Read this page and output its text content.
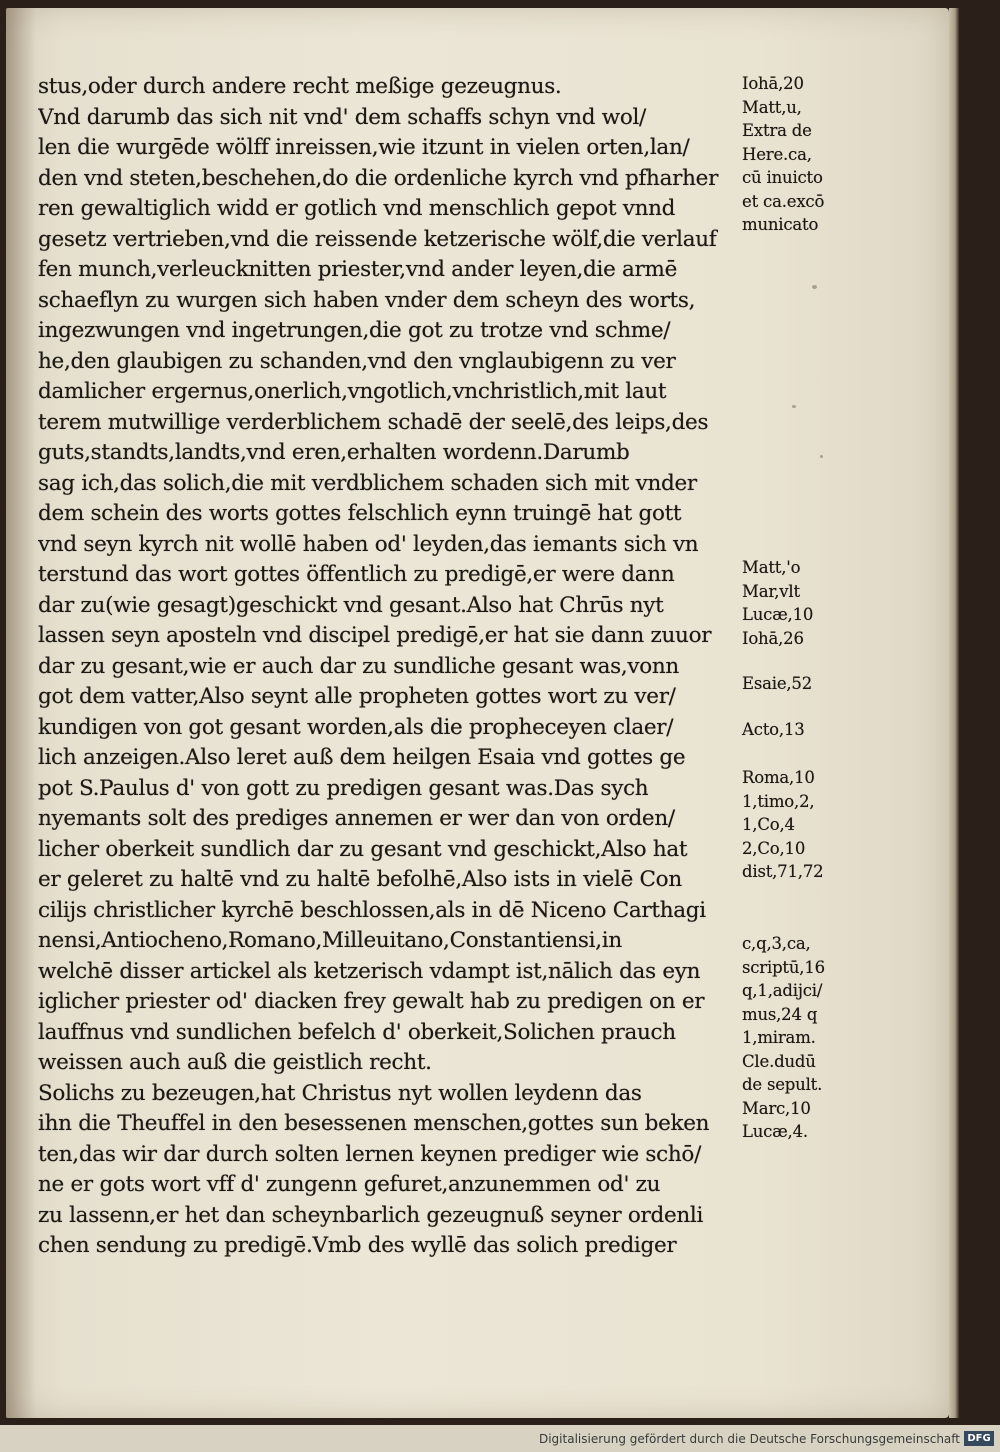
stus,oder durch andere recht meßige gezeugnus.
Vnd darumb das sich nit vnd' dem schaffs schyn vnd wol/
len die wurgēde wölff inreissen,wie itzunt in vielen orten,lan/
den vnd steten,beschehen,do die ordenliche kyrch vnd pfharher
ren gewaltiglich widd er gotlich vnd menschlich gepot vnnd
gesetz vertrieben,vnd die reissende ketzerische wölf,die verlauf
fen munch,verleucknitten priester,vnd ander leyen,die armē
schaeflyn zu wurgen sich haben vnder dem scheyn des worts,
ingezwungen vnd ingetrungen,die got zu trotze vnd schme/
he,den glaubigen zu schanden,vnd den vnglaubigenn zu ver
damlicher ergernus,onerlich,vngotlich,vnchristlich,mit laut
terem mutwillige verderblichem schadē der seelē,des leips,des
guts,standts,landts,vnd eren,erhalten wordenn.Darumb
sag ich,das solich,die mit verdblichem schaden sich mit vnder
dem schein des worts gottes felschlich eynn truingē hat gott
vnd seyn kyrch nit wollē haben od' leyden,das iemants sich vn
terstund das wort gottes öffentlich zu predigē,er were dann
dar zu(wie gesagt)geschickt vnd gesant.Also hat Chrūs nyt
lassen seyn aposteln vnd discipel predigē,er hat sie dann zuuor
dar zu gesant,wie er auch dar zu sundliche gesant was,vonn
got dem vatter,Also seynt alle propheten gottes wort zu ver/
kundigen von got gesant worden,als die propheceyen claer/
lich anzeigen.Also leret auß dem heilgen Esaia vnd gottes ge
pot S.Paulus d' von gott zu predigen gesant was.Das sych
nyemants solt des prediges annemen er wer dan von orden/
licher oberkeit sundlich dar zu gesant vnd geschickt,Also hat
er geleret zu haltē vnd zu haltē befolhē,Also ists in vielē Con
cilijs christlicher kyrchē beschlossen,als in dē Niceno Carthagi
nensi,Antiocheno,Romano,Milleuitano,Constantiensi,in
welchē disser artickel als ketzerisch vdampt ist,nālich das eyn
iglicher priester od' diacken frey gewalt hab zu predigen on er
lauffnus vnd sundlichen befelch d' oberkeit,Solichen prauch
weissen auch auß die geistlich recht.
Solichs zu bezeugen,hat Christus nyt wollen leydenn das
ihn die Theuffel in den besessenen menschen,gottes sun beken
ten,das wir dar durch solten lernen keynen prediger wie schō/
ne er gots wort vff d' zungenn gefuret,anzunemmen od' zu
zu lassenn,er het dan scheynbarlich gezeugnuß seyner ordenli
chen sendung zu predigē.Vmb des wyllē das solich prediger
Iohā,20
Matt,u,
Extra de
Here.ca,
cū inuicto
et ca.excō
municato
Matt,'o
Mar,vlt
Lucæ,10
Iohā,26
Esaie,52
Acto,13
Roma,10
1,timo,2,
1,Co,4
2,Co,10
dist,71,72
c,q,3,ca,
scriptū,16
q,1,adijci/
mus,24 q
1,miram.
Cle.dudū
de sepult.
Marc,10
Lucæ,4.
Digitalisierung gefördert durch die Deutsche Forschungsgemeinschaft DFG
